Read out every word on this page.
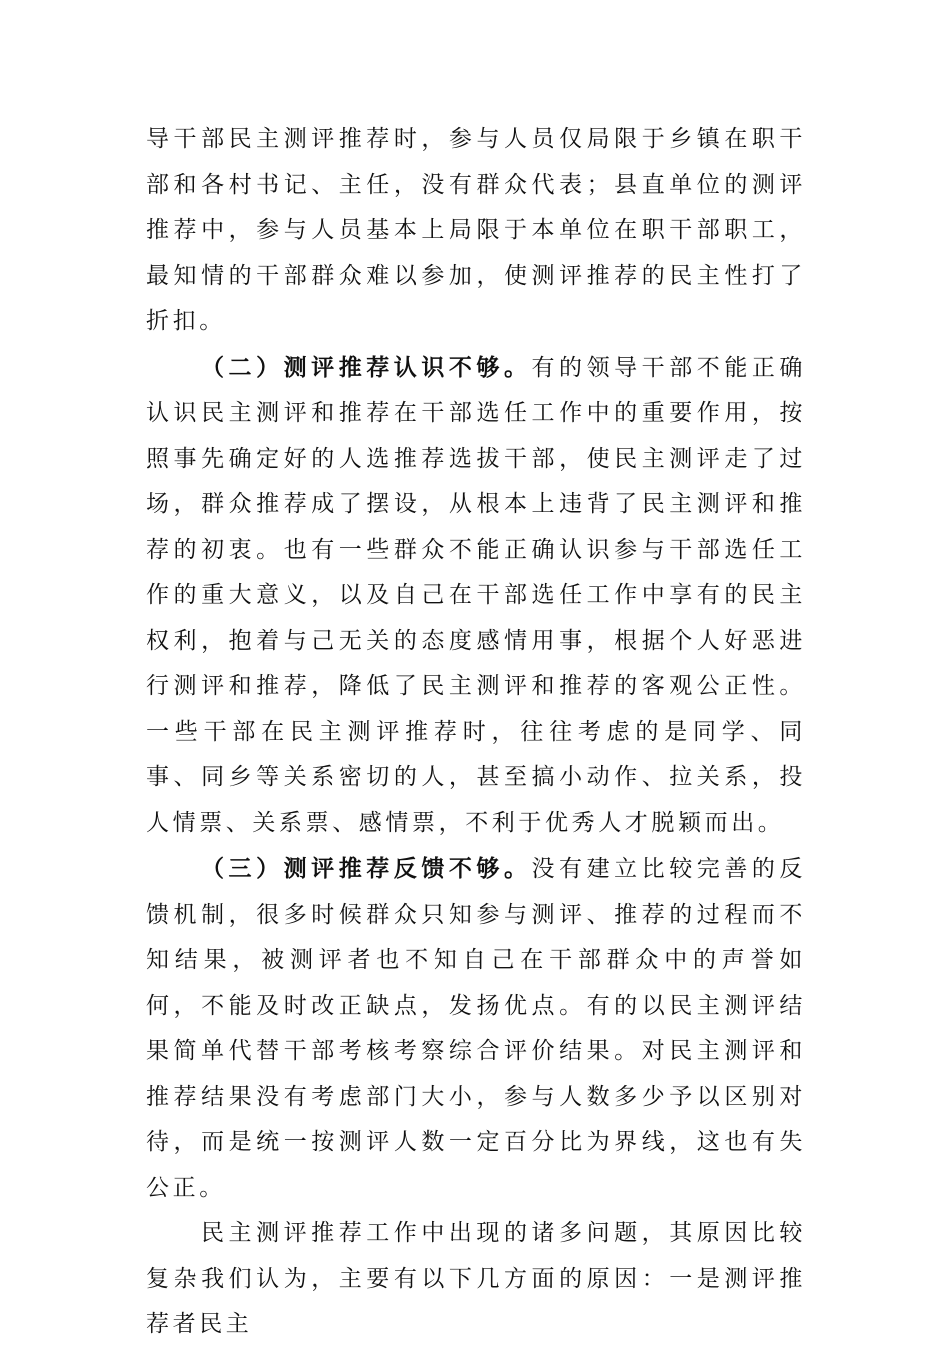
导干部民主测评推荐时，参与人员仅局限于乡镇在职干部和各村书记、主任，没有群众代表；县直单位的测评推荐中，参与人员基本上局限于本单位在职干部职工，最知情的干部群众难以参加，使测评推荐的民主性打了折扣。

（二）测评推荐认识不够。有的领导干部不能正确认识民主测评和推荐在干部选任工作中的重要作用，按照事先确定好的人选推荐选拔干部，使民主测评走了过场，群众推荐成了摆设，从根本上违背了民主测评和推荐的初衷。也有一些群众不能正确认识参与干部选任工作的重大意义，以及自己在干部选任工作中享有的民主权利，抱着与己无关的态度感情用事，根据个人好恶进行测评和推荐，降低了民主测评和推荐的客观公正性。一些干部在民主测评推荐时，往往考虑的是同学、同事、同乡等关系密切的人，甚至搞小动作、拉关系，投人情票、关系票、感情票，不利于优秀人才脱颖而出。

（三）测评推荐反馈不够。没有建立比较完善的反馈机制，很多时候群众只知参与测评、推荐的过程而不知结果，被测评者也不知自己在干部群众中的声誉如何，不能及时改正缺点，发扬优点。有的以民主测评结果简单代替干部考核考察综合评价结果。对民主测评和推荐结果没有考虑部门大小，参与人数多少予以区别对待，而是统一按测评人数一定百分比为界线，这也有失公正。

民主测评推荐工作中出现的诸多问题，其原因比较复杂我们认为，主要有以下几方面的原因：一是测评推荐者民主
